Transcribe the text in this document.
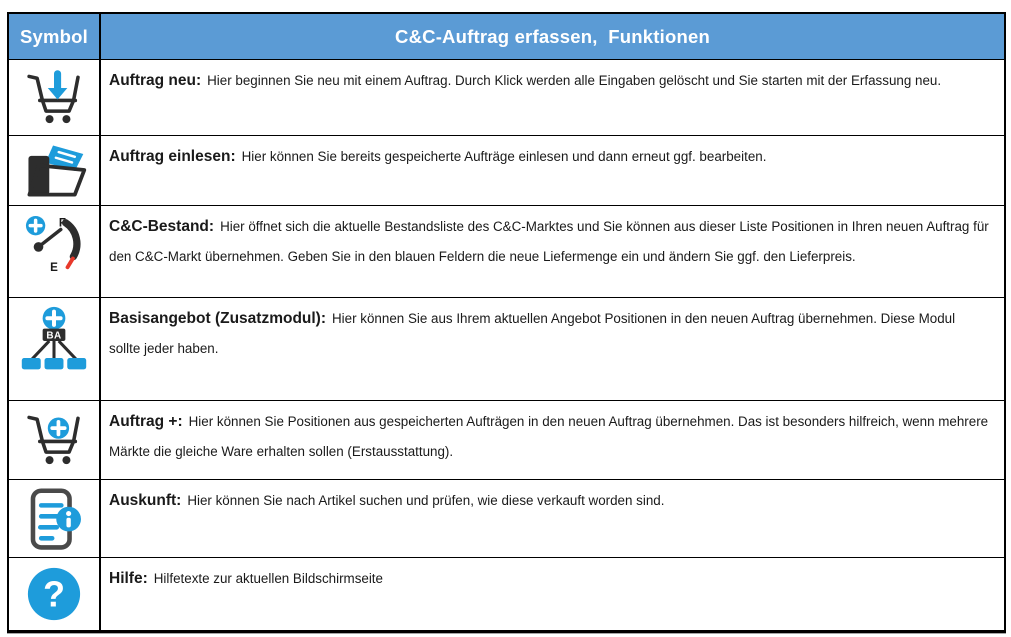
Symbol	C&C-Auftrag erfassen,  Funktionen

Auftrag neu: Hier beginnen Sie neu mit einem Auftrag. Durch Klick werden alle Eingaben gelöscht und Sie starten mit der Erfassung neu.

Auftrag einlesen: Hier können Sie bereits gespeicherte Aufträge einlesen und dann erneut ggf. bearbeiten.

F
E

C&C-Bestand: Hier öffnet sich die aktuelle Bestandsliste des C&C-Marktes und Sie können aus dieser Liste Positionen in Ihren neuen Auftrag für den C&C-Markt übernehmen. Geben Sie in den blauen Feldern die neue Liefermenge ein und ändern Sie ggf. den Lieferpreis.

BA

Basisangebot (Zusatzmodul): Hier können Sie aus Ihrem aktuellen Angebot Positionen in den neuen Auftrag übernehmen. Diese Modul sollte jeder haben.

Auftrag +: Hier können Sie Positionen aus gespeicherten Aufträgen in den neuen Auftrag übernehmen. Das ist besonders hilfreich, wenn mehrere Märkte die gleiche Ware erhalten sollen (Erstausstattung).

Auskunft: Hier können Sie nach Artikel suchen und prüfen, wie diese verkauft worden sind.

?	Hilfe: Hilfetexte zur aktuellen Bildschirmseite
